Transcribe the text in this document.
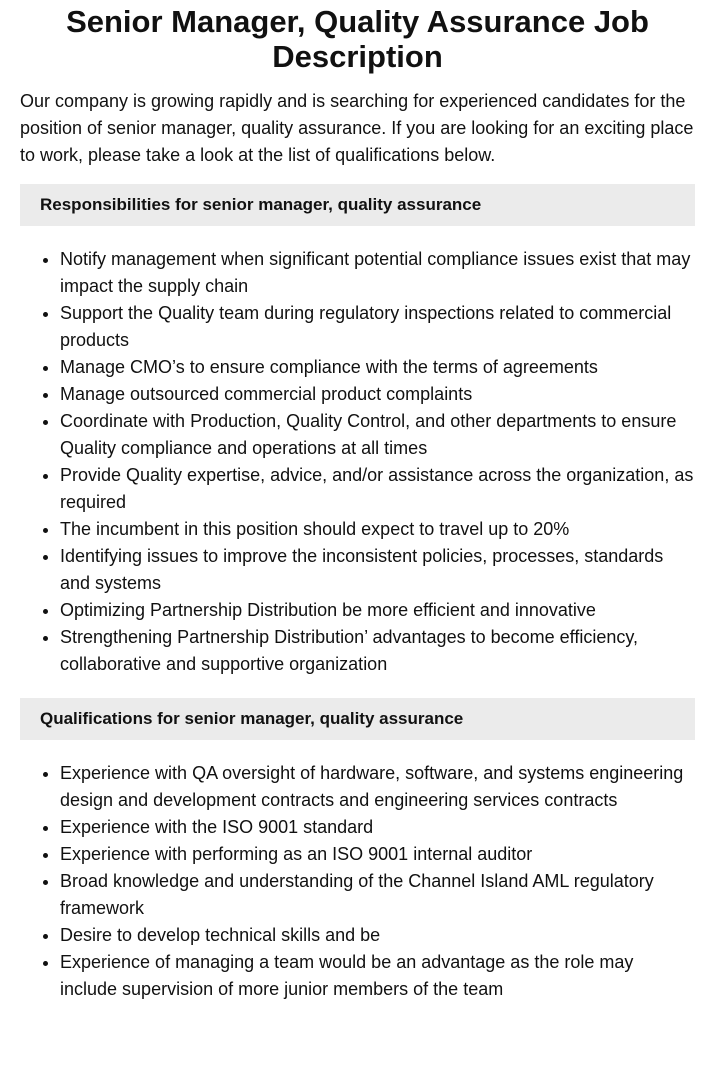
Senior Manager, Quality Assurance Job Description

Our company is growing rapidly and is searching for experienced candidates for the position of senior manager, quality assurance. If you are looking for an exciting place to work, please take a look at the list of qualifications below.

Responsibilities for senior manager, quality assurance
• Notify management when significant potential compliance issues exist that may impact the supply chain
• Support the Quality team during regulatory inspections related to commercial products
• Manage CMO’s to ensure compliance with the terms of agreements
• Manage outsourced commercial product complaints
• Coordinate with Production, Quality Control, and other departments to ensure Quality compliance and operations at all times
• Provide Quality expertise, advice, and/or assistance across the organization, as required
• The incumbent in this position should expect to travel up to 20%
• Identifying issues to improve the inconsistent policies, processes, standards and systems
• Optimizing Partnership Distribution be more efficient and innovative
• Strengthening Partnership Distribution’ advantages to become efficiency, collaborative and supportive organization
Qualifications for senior manager, quality assurance
• Experience with QA oversight of hardware, software, and systems engineering design and development contracts and engineering services contracts
• Experience with the ISO 9001 standard
• Experience with performing as an ISO 9001 internal auditor
• Broad knowledge and understanding of the Channel Island AML regulatory framework
• Desire to develop technical skills and be
• Experience of managing a team would be an advantage as the role may include supervision of more junior members of the team
